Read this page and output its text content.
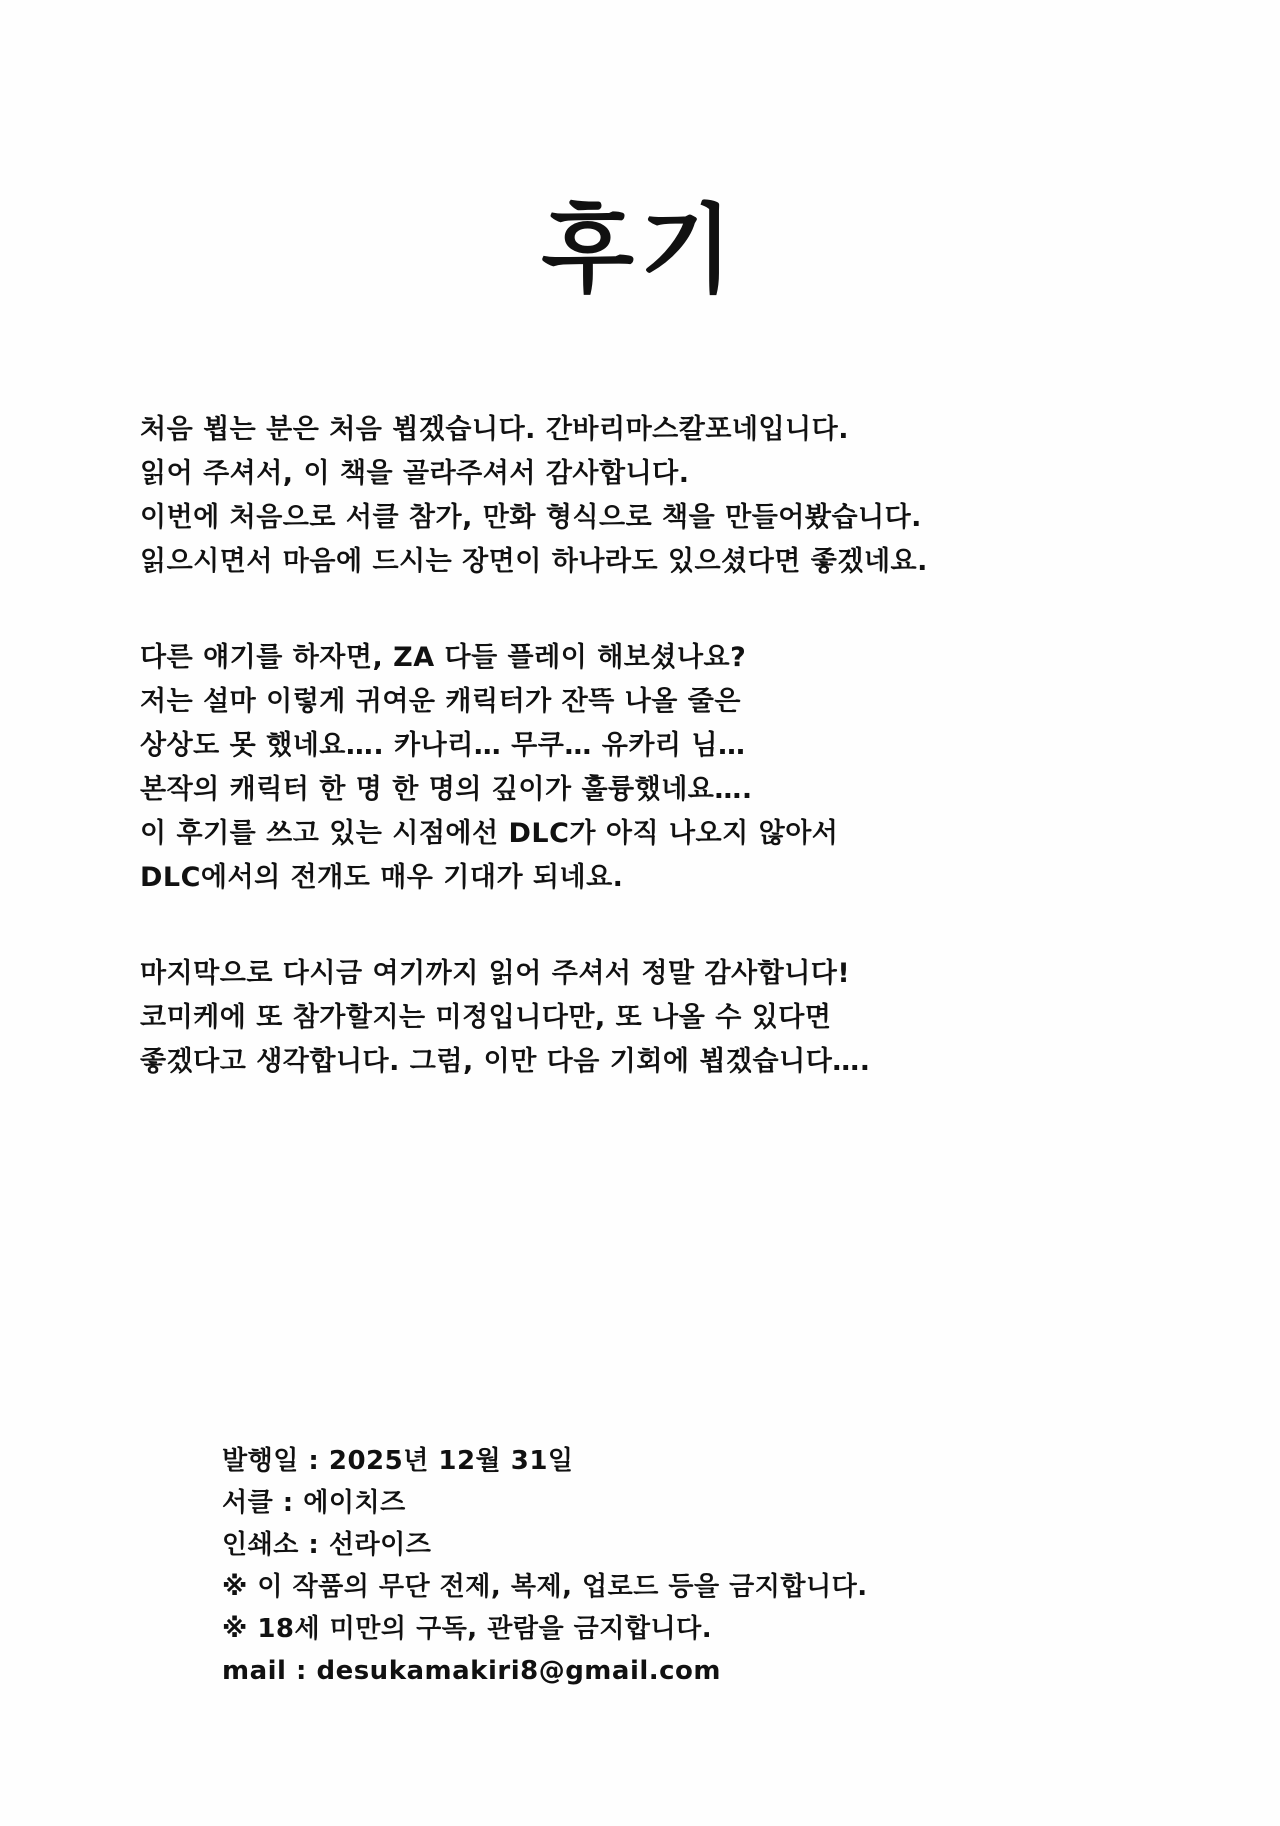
후기
처음 뵙는 분은 처음 뵙겠습니다. 간바리마스칼포네입니다.
읽어 주셔서, 이 책을 골라주셔서 감사합니다.
이번에 처음으로 서클 참가, 만화 형식으로 책을 만들어봤습니다.
읽으시면서 마음에 드시는 장면이 하나라도 있으셨다면 좋겠네요.
다른 얘기를 하자면, ZA 다들 플레이 해보셨나요?
저는 설마 이렇게 귀여운 캐릭터가 잔뜩 나올 줄은
상상도 못 했네요…. 카나리… 무쿠… 유카리 님…
본작의 캐릭터 한 명 한 명의 깊이가 훌륭했네요….
이 후기를 쓰고 있는 시점에선 DLC가 아직 나오지 않아서
DLC에서의 전개도 매우 기대가 되네요.
마지막으로 다시금 여기까지 읽어 주셔서 정말 감사합니다!
코미케에 또 참가할지는 미정입니다만, 또 나올 수 있다면
좋겠다고 생각합니다. 그럼, 이만 다음 기회에 뵙겠습니다….
발행일 : 2025년 12월 31일
서클 : 에이치즈
인쇄소 : 선라이즈
※ 이 작품의 무단 전제, 복제, 업로드 등을 금지합니다.
※ 18세 미만의 구독, 관람을 금지합니다.
mail : desukamakiri8@gmail.com
